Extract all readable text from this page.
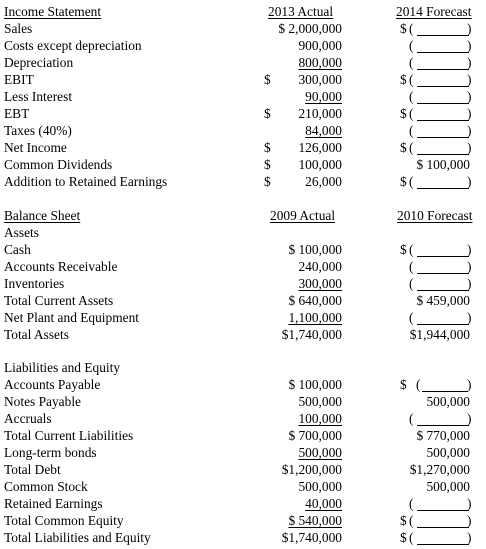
Income Statement	2013 Actual	2014 Forecast
Sales	$ 2,000,000	$ (	)
Costs except depreciation	900,000	(	)
Depreciation	800,000	(	)
EBIT	$ 300,000	$ (	)
Less Interest	90,000	(	)
EBT	$ 210,000	$ (	)
Taxes (40%)	84,000	(	)
Net Income	$ 126,000	$ (	)
Common Dividends	$ 100,000	$ 100,000
Addition to Retained Earnings	$	26,000	$ (	)
Balance Sheet	2009 Actual	2010 Forecast
Assets
Cash	$ 100,000	$ (	)
Accounts Receivable	240,000	(	)
Inventories	300,000	(	)
Total Current Assets	$ 640,000	$ 459,000
Net Plant and Equipment	1,100,000	(	)
Total Assets	$1,740,000	$1,944,000
Liabilities and Equity
Accounts Payable	$ 100,000	$ (	)
Notes Payable	500,000	500,000
Accruals	100,000	(	)
Total Current Liabilities	$ 700,000	$ 770,000
Long-term bonds	500,000	500,000
Total Debt	$1,200,000	$1,270,000
Common Stock	500,000	500,000
Retained Earnings	40,000	(	)
Total Common Equity	$ 540,000	$ (	)
Total Liabilities and Equity	$1,740,000	$ (	)
